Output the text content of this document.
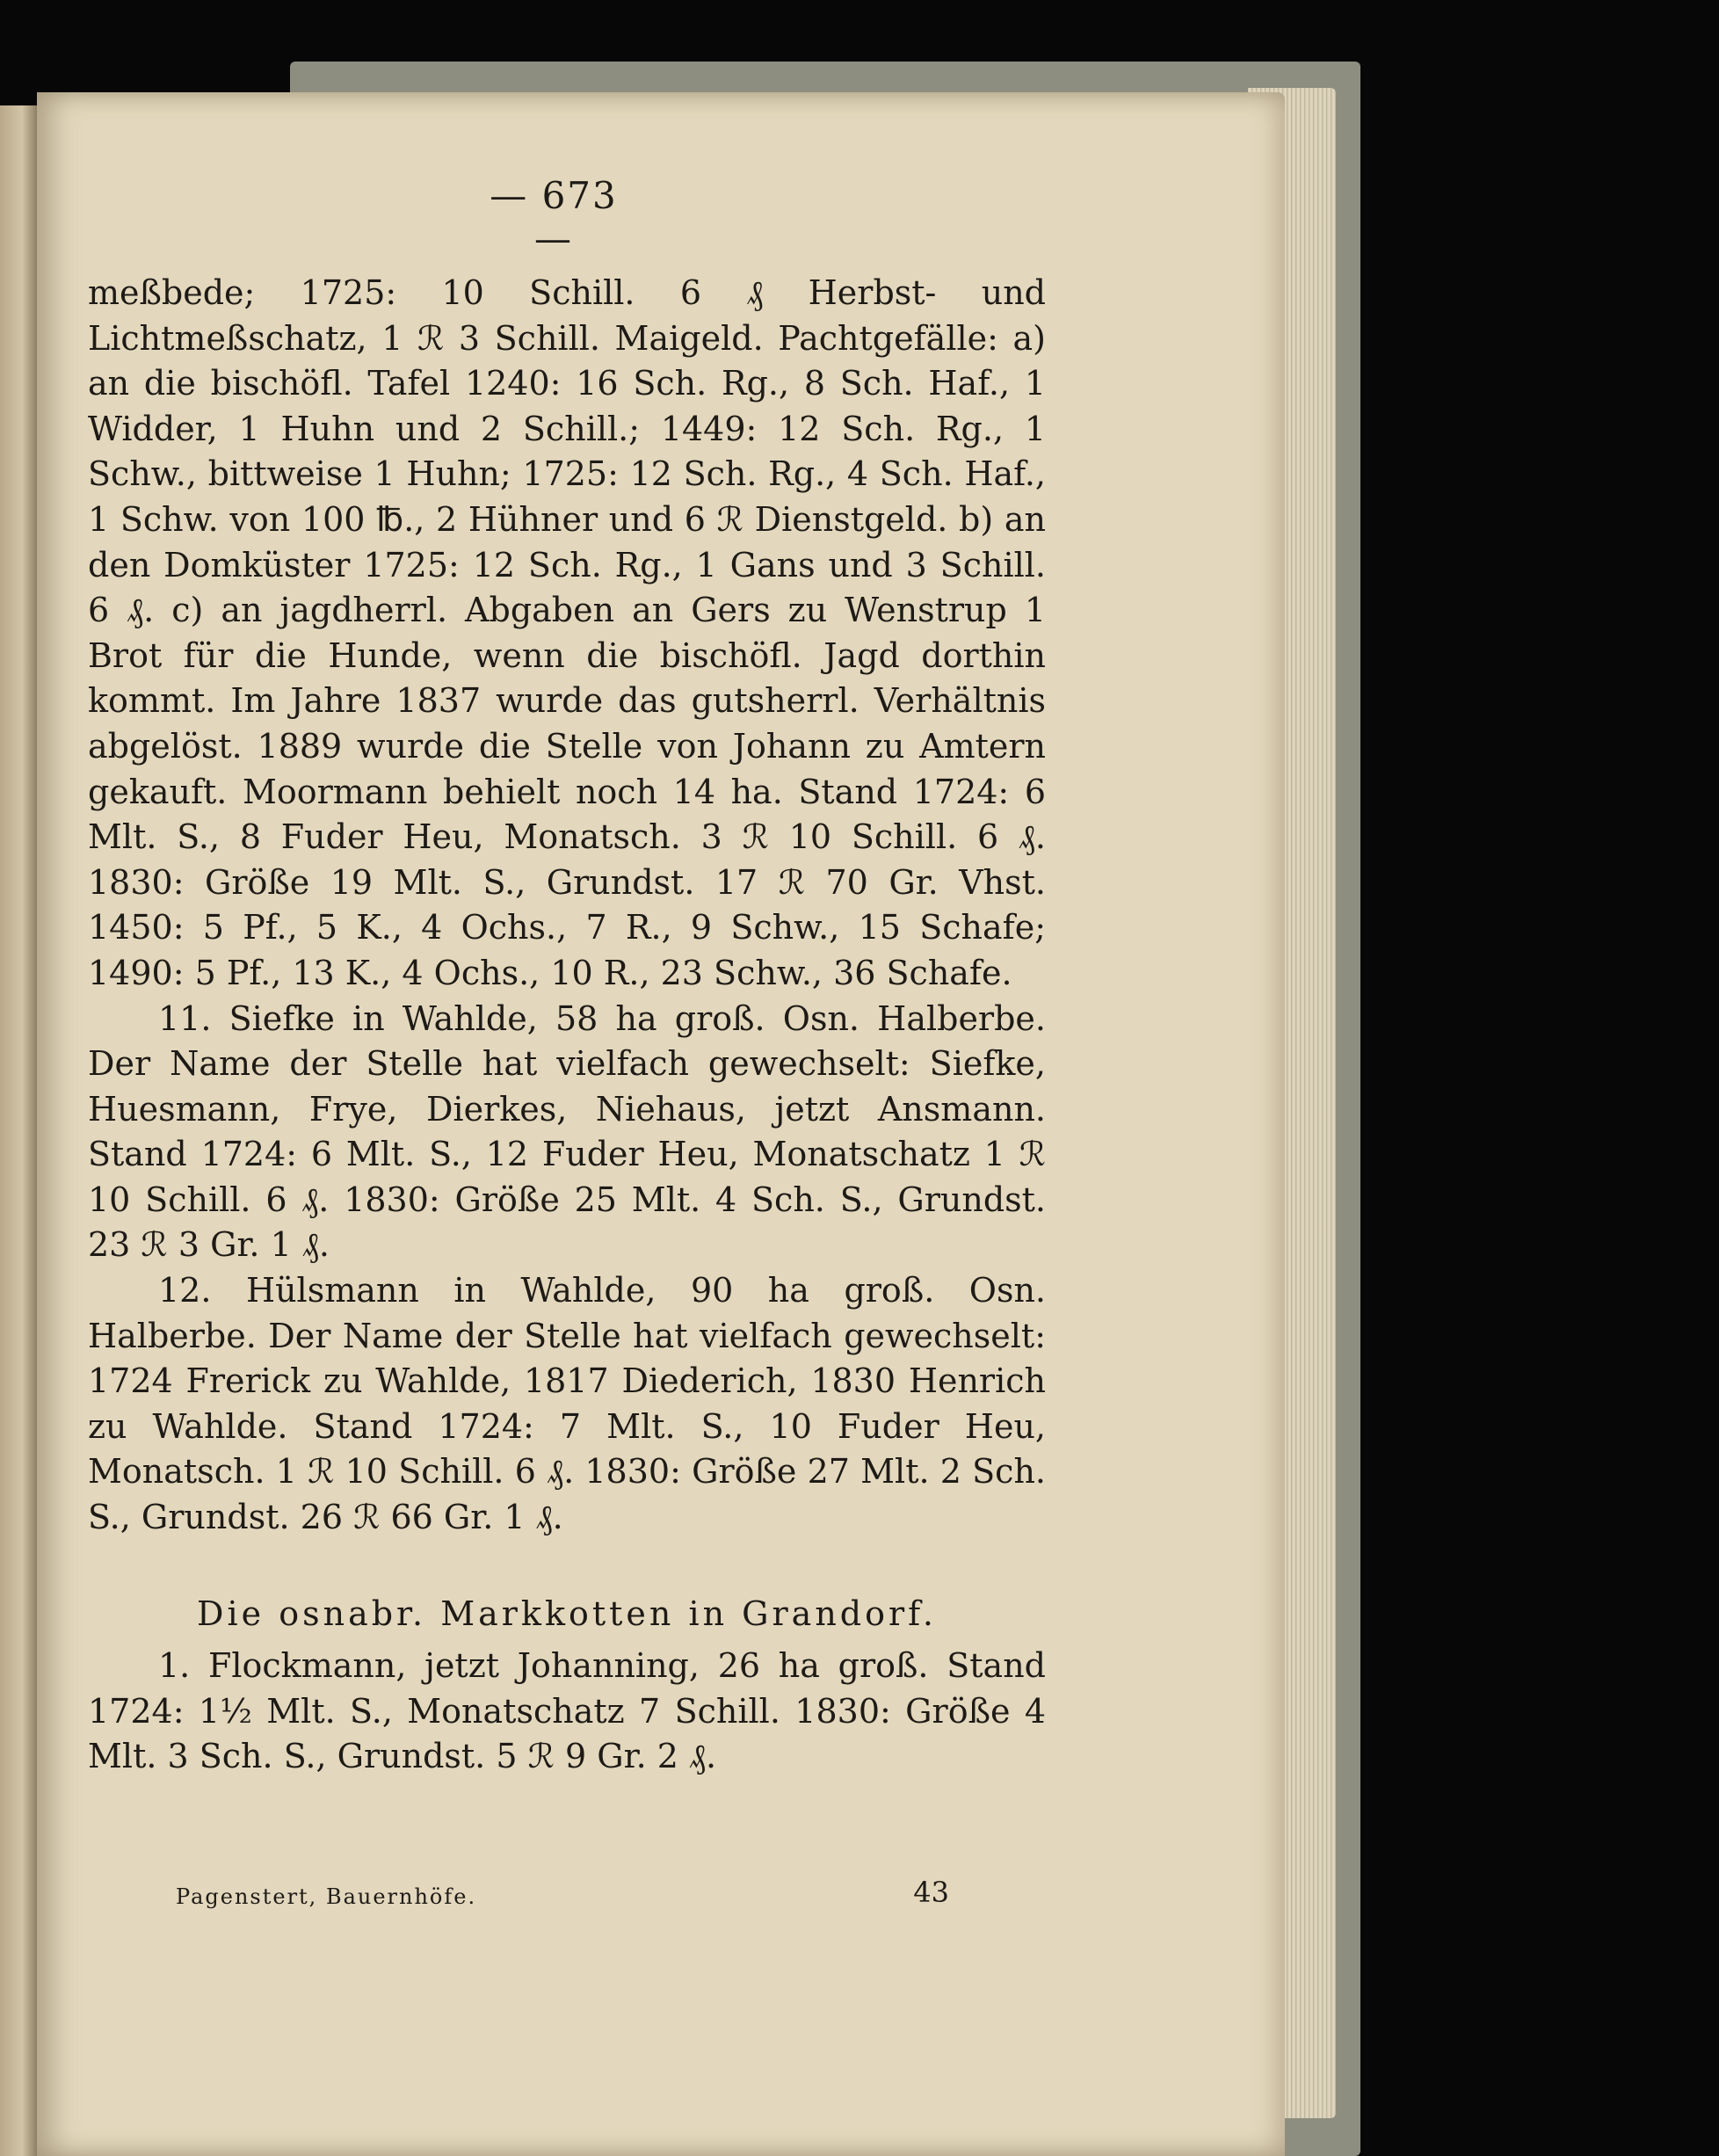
— 673 —

meßbede; 1725: 10 Schill. 6 ₰ Herbst- und Lichtmeßschatz, 1 ℛ 3 Schill. Maigeld. Pachtgefälle: a) an die bischöfl. Tafel 1240: 16 Sch. Rg., 8 Sch. Haf., 1 Widder, 1 Huhn und 2 Schill.; 1449: 12 Sch. Rg., 1 Schw., bittweise 1 Huhn; 1725: 12 Sch. Rg., 4 Sch. Haf., 1 Schw. von 100 ℔., 2 Hühner und 6 ℛ Dienstgeld. b) an den Domküster 1725: 12 Sch. Rg., 1 Gans und 3 Schill. 6 ₰. c) an jagdherrl. Abgaben an Gers zu Wenstrup 1 Brot für die Hunde, wenn die bischöfl. Jagd dorthin kommt. Im Jahre 1837 wurde das gutsherrl. Verhältnis abgelöst. 1889 wurde die Stelle von Johann zu Amtern gekauft. Moormann behielt noch 14 ha. Stand 1724: 6 Mlt. S., 8 Fuder Heu, Monatsch. 3 ℛ 10 Schill. 6 ₰. 1830: Größe 19 Mlt. S., Grundst. 17 ℛ 70 Gr. Vhst. 1450: 5 Pf., 5 K., 4 Ochs., 7 R., 9 Schw., 15 Schafe; 1490: 5 Pf., 13 K., 4 Ochs., 10 R., 23 Schw., 36 Schafe.

11. Siefke in Wahlde, 58 ha groß. Osn. Halberbe. Der Name der Stelle hat vielfach gewechselt: Siefke, Huesmann, Frye, Dierkes, Niehaus, jetzt Ansmann. Stand 1724: 6 Mlt. S., 12 Fuder Heu, Monatschatz 1 ℛ 10 Schill. 6 ₰. 1830: Größe 25 Mlt. 4 Sch. S., Grundst. 23 ℛ 3 Gr. 1 ₰.

12. Hülsmann in Wahlde, 90 ha groß. Osn. Halberbe. Der Name der Stelle hat vielfach gewechselt: 1724 Frerick zu Wahlde, 1817 Diederich, 1830 Henrich zu Wahlde. Stand 1724: 7 Mlt. S., 10 Fuder Heu, Monatsch. 1 ℛ 10 Schill. 6 ₰. 1830: Größe 27 Mlt. 2 Sch. S., Grundst. 26 ℛ 66 Gr. 1 ₰.

Die osnabr. Markkotten in Grandorf.

1. Flockmann, jetzt Johanning, 26 ha groß. Stand 1724: 1½ Mlt. S., Monatschatz 7 Schill. 1830: Größe 4 Mlt. 3 Sch. S., Grundst. 5 ℛ 9 Gr. 2 ₰.

Pagenstert, Bauernhöfe.	43
